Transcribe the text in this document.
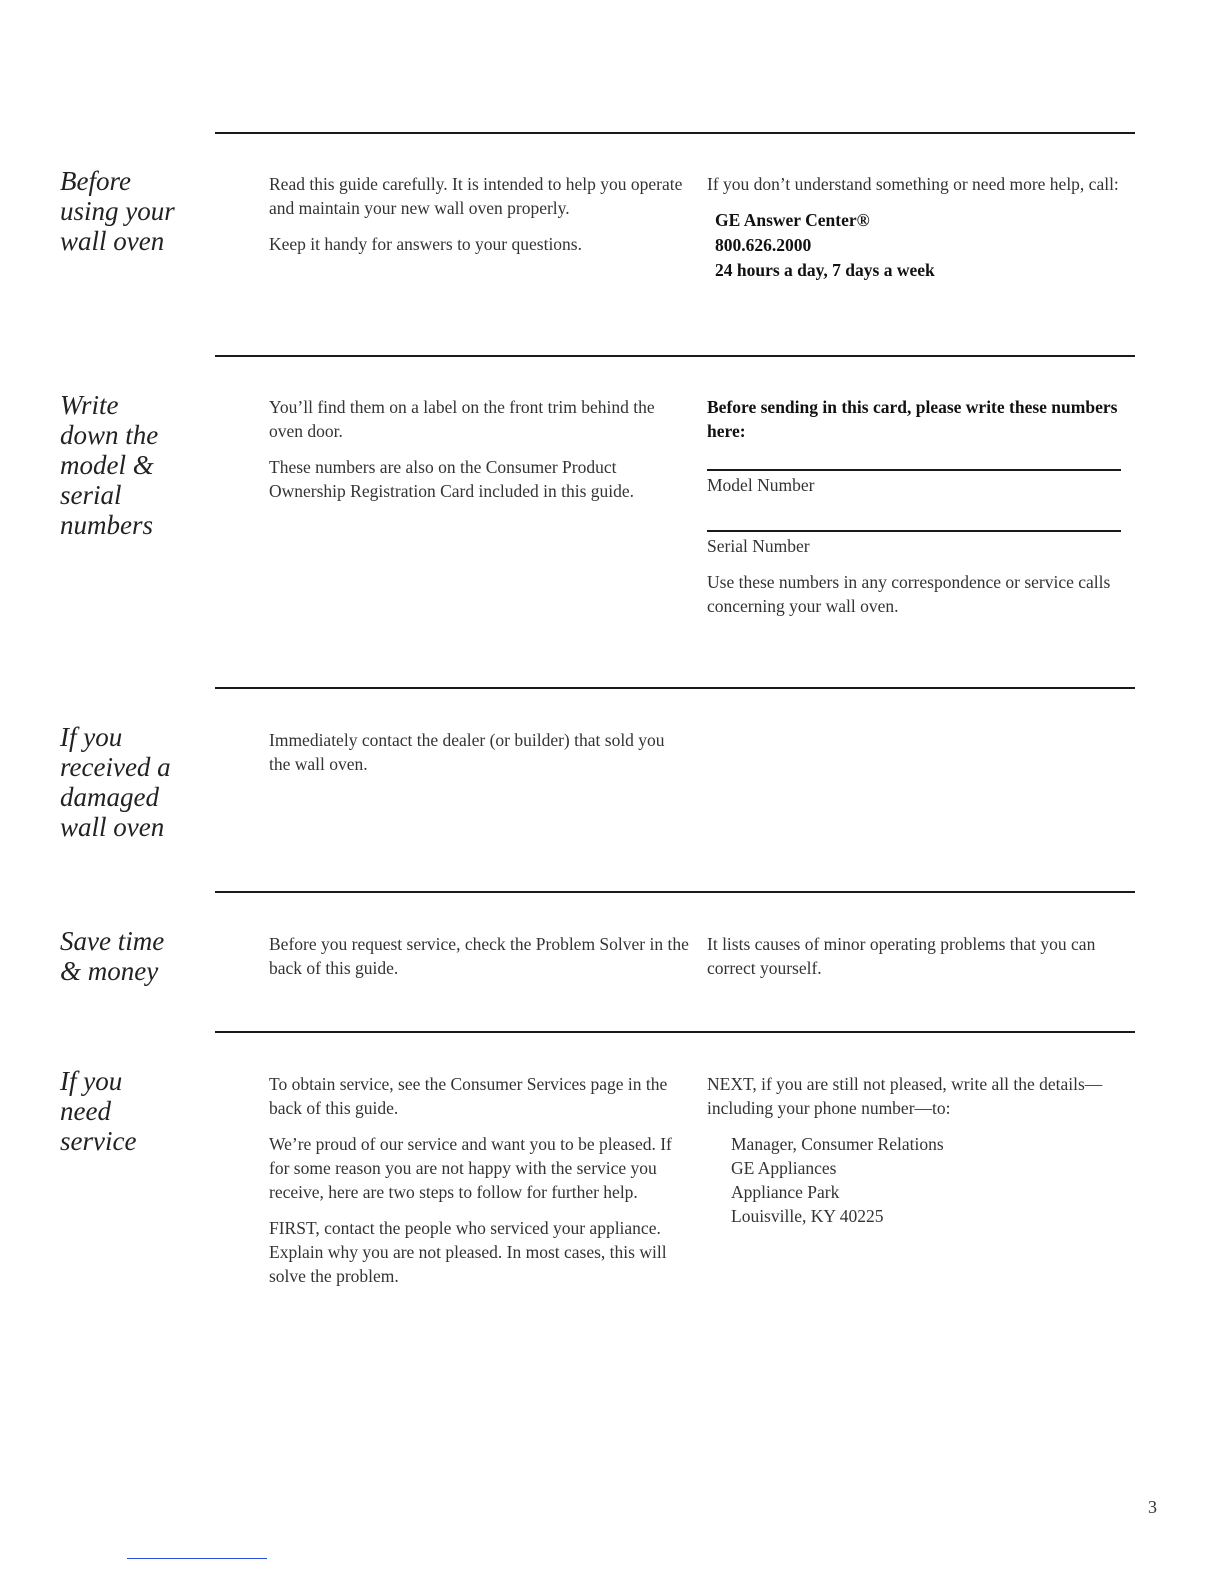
Before
using your
wall oven

Read this guide carefully. It is intended to help you operate and maintain your new wall oven properly.

Keep it handy for answers to your questions.

If you don’t understand something or need more help, call:

GE Answer Center®
800.626.2000
24 hours a day, 7 days a week
Write
down the
model &
serial
numbers

You’ll find them on a label on the front trim behind the oven door.

These numbers are also on the Consumer Product Ownership Registration Card included in this guide.

Before sending in this card, please write these numbers here:
Model Number
Serial Number
Use these numbers in any correspondence or service calls concerning your wall oven.
If you
received a
damaged
wall oven

Immediately contact the dealer (or builder) that sold you the wall oven.

Save time
& money

Before you request service, check the Problem Solver in the back of this guide.

It lists causes of minor operating problems that you can correct yourself.

If you
need
service

To obtain service, see the Consumer Services page in the back of this guide.

We’re proud of our service and want you to be pleased. If for some reason you are not happy with the service you receive, here are two steps to follow for further help.

FIRST, contact the people who serviced your appliance. Explain why you are not pleased. In most cases, this will solve the problem.

NEXT, if you are still not pleased, write all the details—including your phone number—to:

Manager, Consumer Relations
GE Appliances
Appliance Park
Louisville, KY 40225
3
